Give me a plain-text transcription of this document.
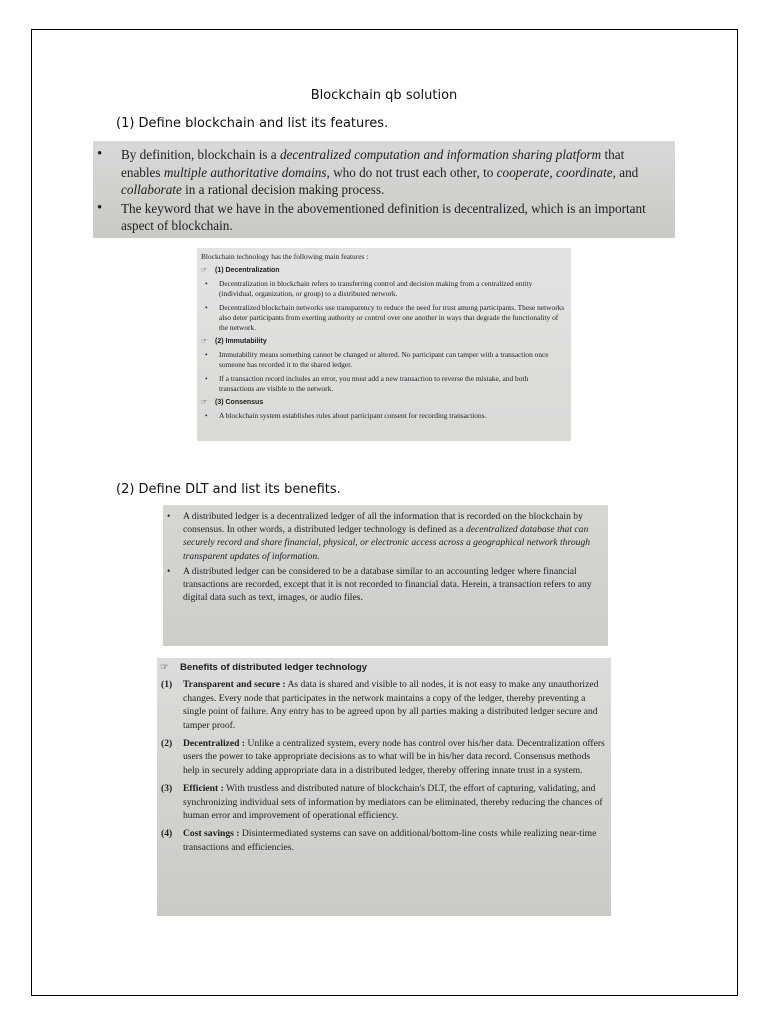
Blockchain qb solution
(1) Define blockchain and list its features.
• By definition, blockchain is a decentralized computation and information sharing platform that enables multiple authoritative domains, who do not trust each other, to cooperate, coordinate, and collaborate in a rational decision making process.
• The keyword that we have in the abovementioned definition is decentralized, which is an important aspect of blockchain.
Blockchain technology has the following main features :
☞ (1) Decentralization
• Decentralization in blockchain refers to transferring control and decision making from a centralized entity (individual, organization, or group) to a distributed network.
• Decentralized blockchain networks use transparency to reduce the need for trust among participants. These networks also deter participants from exerting authority or control over one another in ways that degrade the functionality of the network.
☞ (2) Immutability
• Immutability means something cannot be changed or altered. No participant can tamper with a transaction once someone has recorded it to the shared ledger.
• If a transaction record includes an error, you must add a new transaction to reverse the mistake, and both transactions are visible to the network.
☞ (3) Consensus
• A blockchain system establishes rules about participant consent for recording transactions.
(2) Define DLT and list its benefits.
• A distributed ledger is a decentralized ledger of all the information that is recorded on the blockchain by consensus. In other words, a distributed ledger technology is defined as a decentralized database that can securely record and share financial, physical, or electronic access across a geographical network through transparent updates of information.
• A distributed ledger can be considered to be a database similar to an accounting ledger where financial transactions are recorded, except that it is not recorded to financial data. Herein, a transaction refers to any digital data such as text, images, or audio files.
☞ Benefits of distributed ledger technology
(1) Transparent and secure : As data is shared and visible to all nodes, it is not easy to make any unauthorized changes. Every node that participates in the network maintains a copy of the ledger, thereby preventing a single point of failure. Any entry has to be agreed upon by all parties making a distributed ledger secure and tamper proof.
(2) Decentralized : Unlike a centralized system, every node has control over his/her data. Decentralization offers users the power to take appropriate decisions as to what will be in his/her data record. Consensus methods help in securely adding appropriate data in a distributed ledger, thereby offering innate trust in a system.
(3) Efficient : With trustless and distributed nature of blockchain's DLT, the effort of capturing, validating, and synchronizing individual sets of information by mediators can be eliminated, thereby reducing the chances of human error and improvement of operational efficiency.
(4) Cost savings : Disintermediated systems can save on additional/bottom-line costs while realizing near-time transactions and efficiencies.
